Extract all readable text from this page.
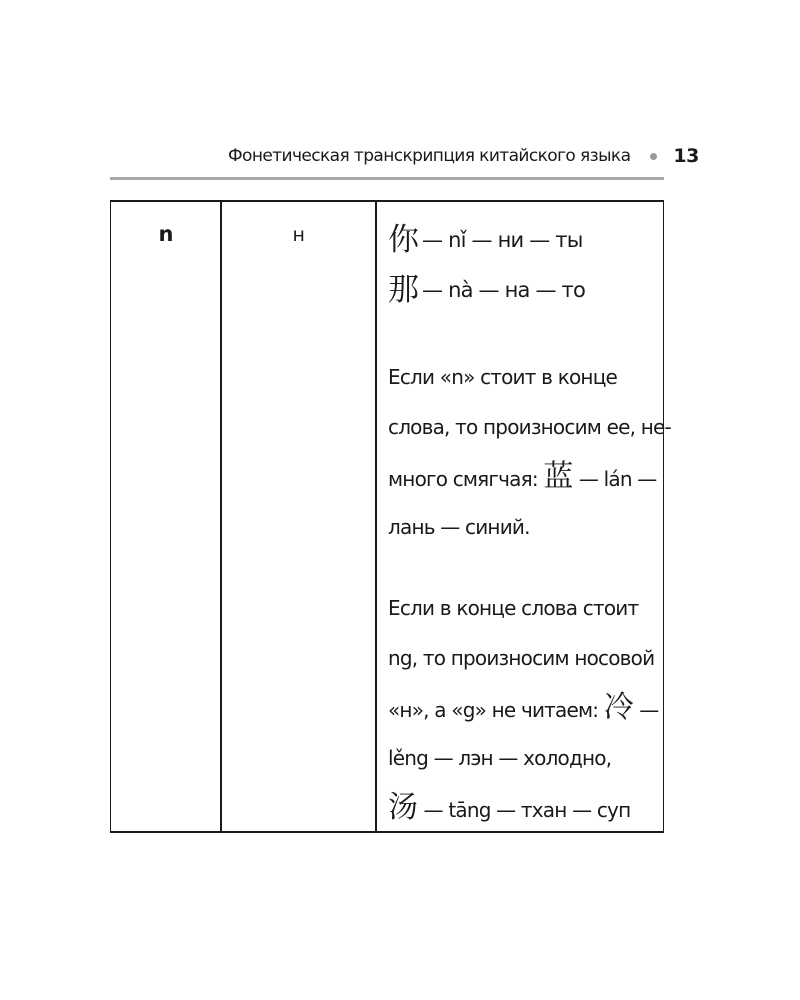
Фонетическая транскрипция китайского языка 13
n	н	你 — nǐ — ни — ты
那 — nà — на — то
Если «n» стоит в конце
слова, то произносим ее, не-
много смягчая: 蓝 — lán —
лань — синий.
Если в конце слова стоит
ng, то произносим носовой
«н», а «g» не читаем: 冷 —
lěng — лэн — холодно,
汤 — tāng — тхан — суп
